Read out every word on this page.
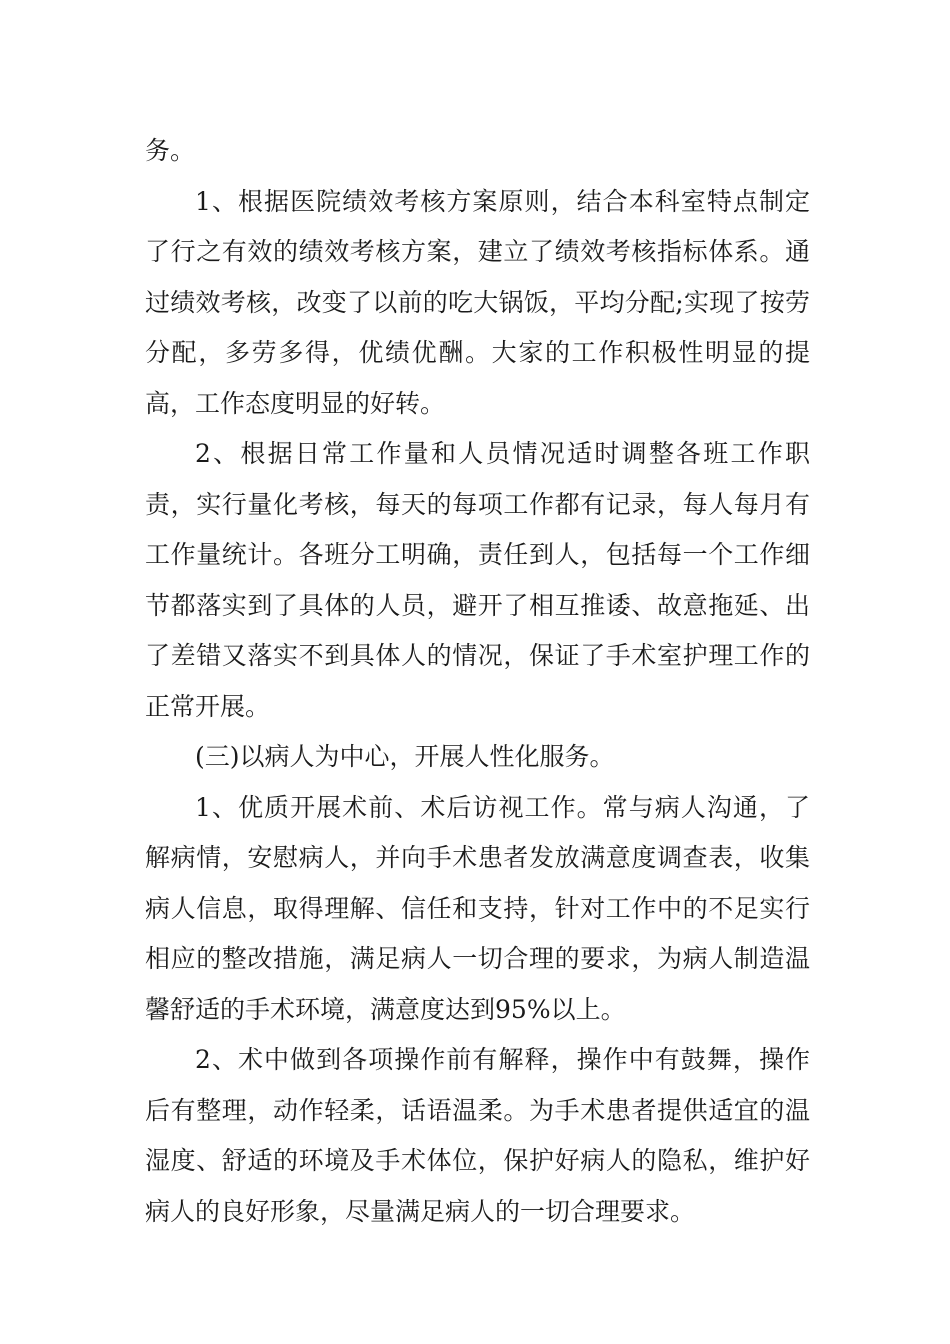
务。

1、根据医院绩效考核方案原则，结合本科室特点制定了行之有效的绩效考核方案，建立了绩效考核指标体系。通过绩效考核，改变了以前的吃大锅饭，平均分配;实现了按劳分配，多劳多得，优绩优酬。大家的工作积极性明显的提高，工作态度明显的好转。

2、根据日常工作量和人员情况适时调整各班工作职责，实行量化考核，每天的每项工作都有记录，每人每月有工作量统计。各班分工明确，责任到人，包括每一个工作细节都落实到了具体的人员，避开了相互推诿、故意拖延、出了差错又落实不到具体人的情况，保证了手术室护理工作的正常开展。

(三)以病人为中心，开展人性化服务。

1、优质开展术前、术后访视工作。常与病人沟通，了解病情，安慰病人，并向手术患者发放满意度调查表，收集病人信息，取得理解、信任和支持，针对工作中的不足实行相应的整改措施，满足病人一切合理的要求，为病人制造温馨舒适的手术环境，满意度达到95%以上。

2、术中做到各项操作前有解释，操作中有鼓舞，操作后有整理，动作轻柔，话语温柔。为手术患者提供适宜的温湿度、舒适的环境及手术体位，保护好病人的隐私，维护好病人的良好形象，尽量满足病人的一切合理要求。
